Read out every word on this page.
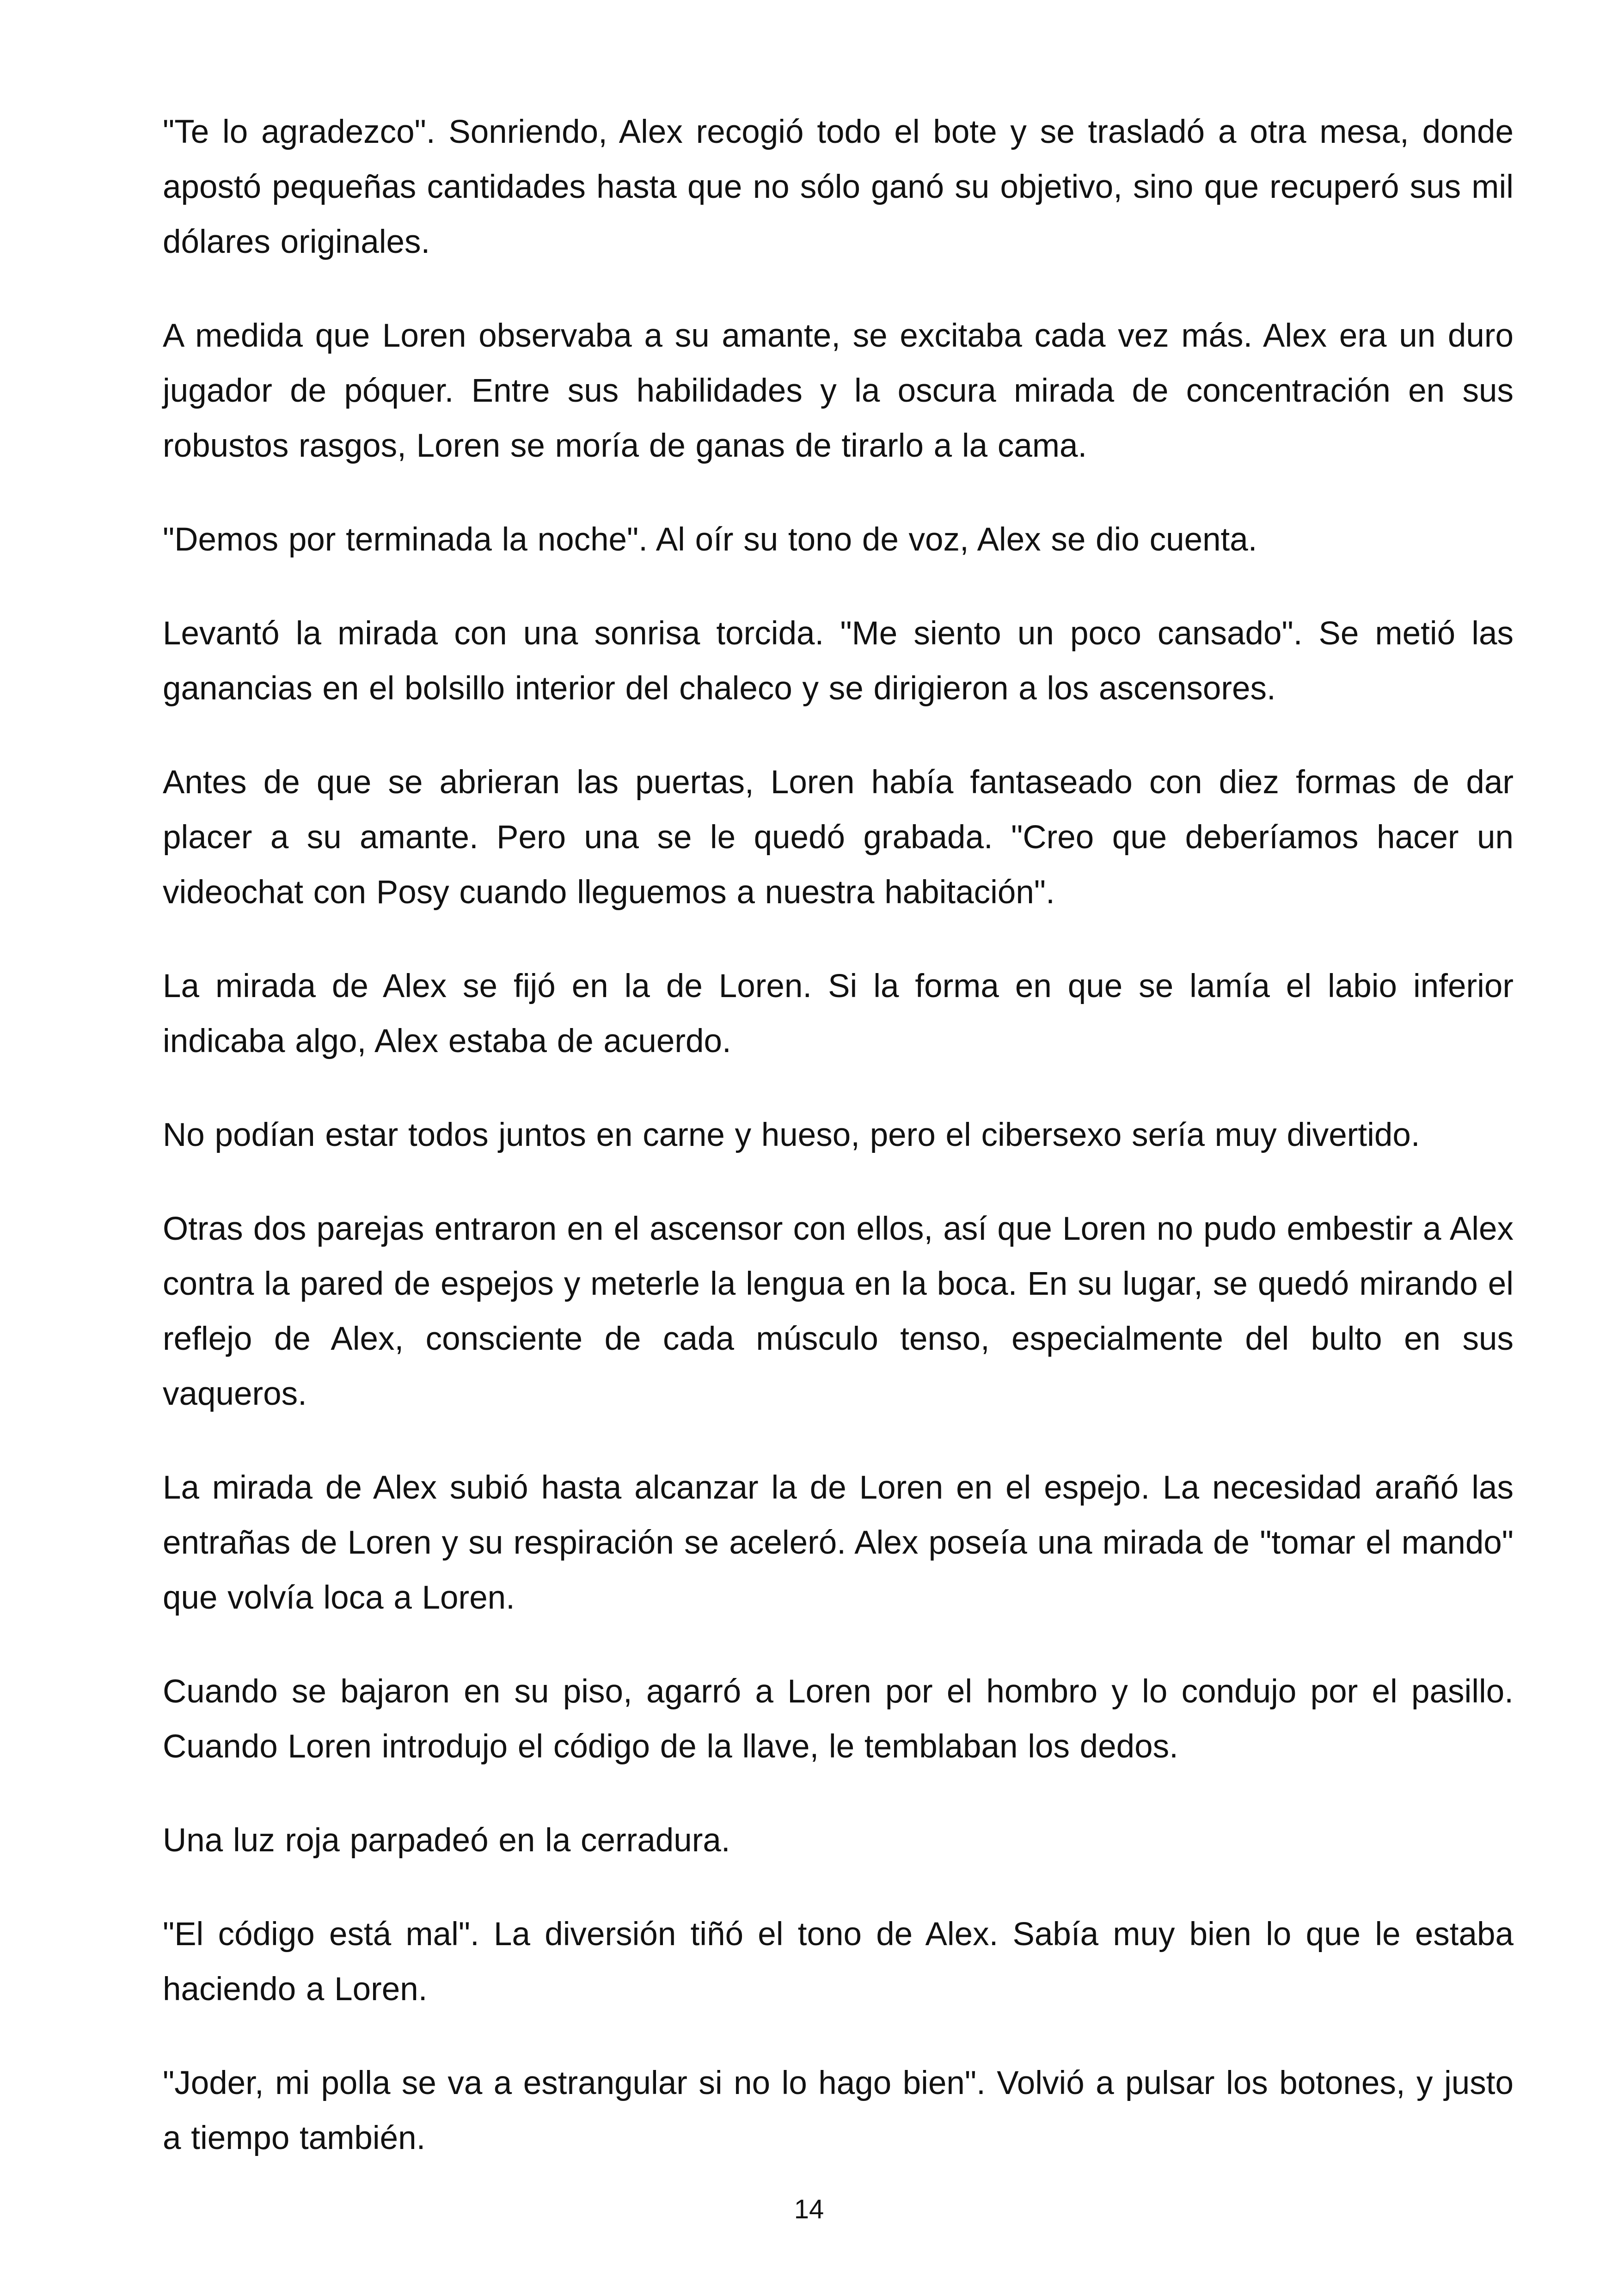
"Te lo agradezco". Sonriendo, Alex recogió todo el bote y se trasladó a otra mesa, donde apostó pequeñas cantidades hasta que no sólo ganó su objetivo, sino que recuperó sus mil dólares originales.

A medida que Loren observaba a su amante, se excitaba cada vez más. Alex era un duro jugador de póquer. Entre sus habilidades y la oscura mirada de concentración en sus robustos rasgos, Loren se moría de ganas de tirarlo a la cama.

"Demos por terminada la noche". Al oír su tono de voz, Alex se dio cuenta.

Levantó la mirada con una sonrisa torcida. "Me siento un poco cansado". Se metió las ganancias en el bolsillo interior del chaleco y se dirigieron a los ascensores.

Antes de que se abrieran las puertas, Loren había fantaseado con diez formas de dar placer a su amante. Pero una se le quedó grabada. "Creo que deberíamos hacer un videochat con Posy cuando lleguemos a nuestra habitación".

La mirada de Alex se fijó en la de Loren. Si la forma en que se lamía el labio inferior indicaba algo, Alex estaba de acuerdo.

No podían estar todos juntos en carne y hueso, pero el cibersexo sería muy divertido.

Otras dos parejas entraron en el ascensor con ellos, así que Loren no pudo embestir a Alex contra la pared de espejos y meterle la lengua en la boca. En su lugar, se quedó mirando el reflejo de Alex, consciente de cada músculo tenso, especialmente del bulto en sus vaqueros.

La mirada de Alex subió hasta alcanzar la de Loren en el espejo. La necesidad arañó las entrañas de Loren y su respiración se aceleró. Alex poseía una mirada de "tomar el mando" que volvía loca a Loren.

Cuando se bajaron en su piso, agarró a Loren por el hombro y lo condujo por el pasillo. Cuando Loren introdujo el código de la llave, le temblaban los dedos.

Una luz roja parpadeó en la cerradura.

"El código está mal". La diversión tiñó el tono de Alex. Sabía muy bien lo que le estaba haciendo a Loren.

"Joder, mi polla se va a estrangular si no lo hago bien". Volvió a pulsar los botones, y justo a tiempo también.

14
